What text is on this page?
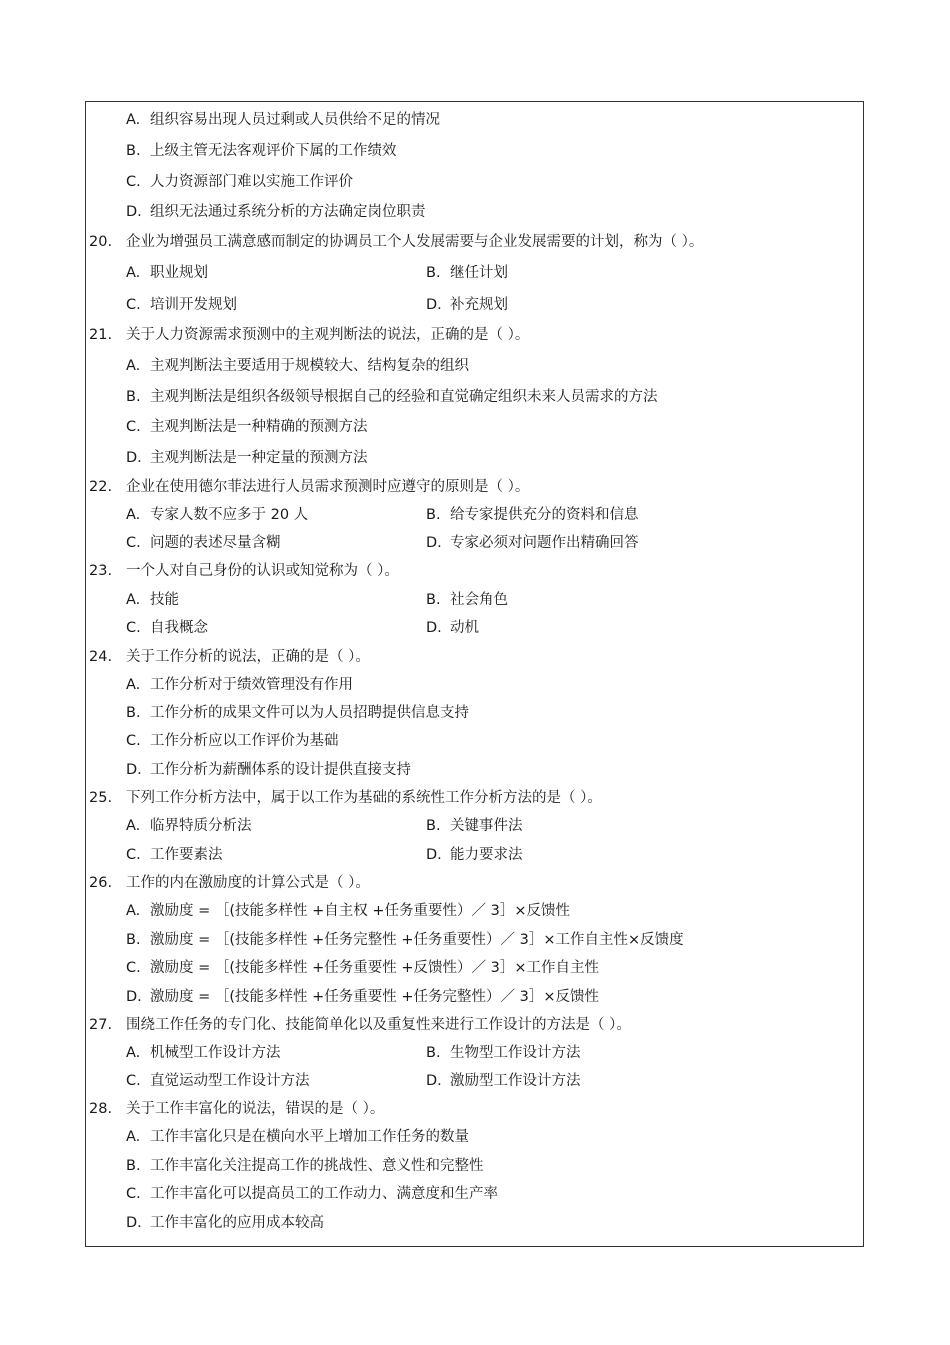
A. 组织容易出现人员过剩或人员供给不足的情况
B. 上级主管无法客观评价下属的工作绩效
C. 人力资源部门难以实施工作评价
D. 组织无法通过系统分析的方法确定岗位职责
20. 企业为增强员工满意感而制定的协调员工个人发展需要与企业发展需要的计划，称为（ ）。
A. 职业规划	B. 继任计划
C. 培训开发规划	D. 补充规划
21. 关于人力资源需求预测中的主观判断法的说法，正确的是（ ）。
A. 主观判断法主要适用于规模较大、结构复杂的组织
B. 主观判断法是组织各级领导根据自己的经验和直觉确定组织未来人员需求的方法
C. 主观判断法是一种精确的预测方法
D. 主观判断法是一种定量的预测方法
22. 企业在使用德尔菲法进行人员需求预测时应遵守的原则是（ ）。
A. 专家人数不应多于 20 人	B. 给专家提供充分的资料和信息
C. 问题的表述尽量含糊	D. 专家必须对问题作出精确回答
23. 一个人对自己身份的认识或知觉称为（ ）。
A. 技能	B. 社会角色
C. 自我概念	D. 动机
24. 关于工作分析的说法，正确的是（ ）。
A. 工作分析对于绩效管理没有作用
B. 工作分析的成果文件可以为人员招聘提供信息支持
C. 工作分析应以工作评价为基础
D. 工作分析为薪酬体系的设计提供直接支持
25. 下列工作分析方法中，属于以工作为基础的系统性工作分析方法的是（ ）。
A. 临界特质分析法	B. 关键事件法
C. 工作要素法	D. 能力要求法
26. 工作的内在激励度的计算公式是（ ）。
A. 激励度 = ［(技能多样性 +自主权 +任务重要性）／ 3］×反馈性
B. 激励度 = ［(技能多样性 +任务完整性 +任务重要性）／ 3］×工作自主性×反馈度
C. 激励度 = ［(技能多样性 +任务重要性 +反馈性）／ 3］×工作自主性
D. 激励度 = ［(技能多样性 +任务重要性 +任务完整性）／ 3］×反馈性
27. 围绕工作任务的专门化、技能简单化以及重复性来进行工作设计的方法是（ ）。
A. 机械型工作设计方法	B. 生物型工作设计方法
C. 直觉运动型工作设计方法	D. 激励型工作设计方法
28. 关于工作丰富化的说法，错误的是（ ）。
A. 工作丰富化只是在横向水平上增加工作任务的数量
B. 工作丰富化关注提高工作的挑战性、意义性和完整性
C. 工作丰富化可以提高员工的工作动力、满意度和生产率
D. 工作丰富化的应用成本较高
